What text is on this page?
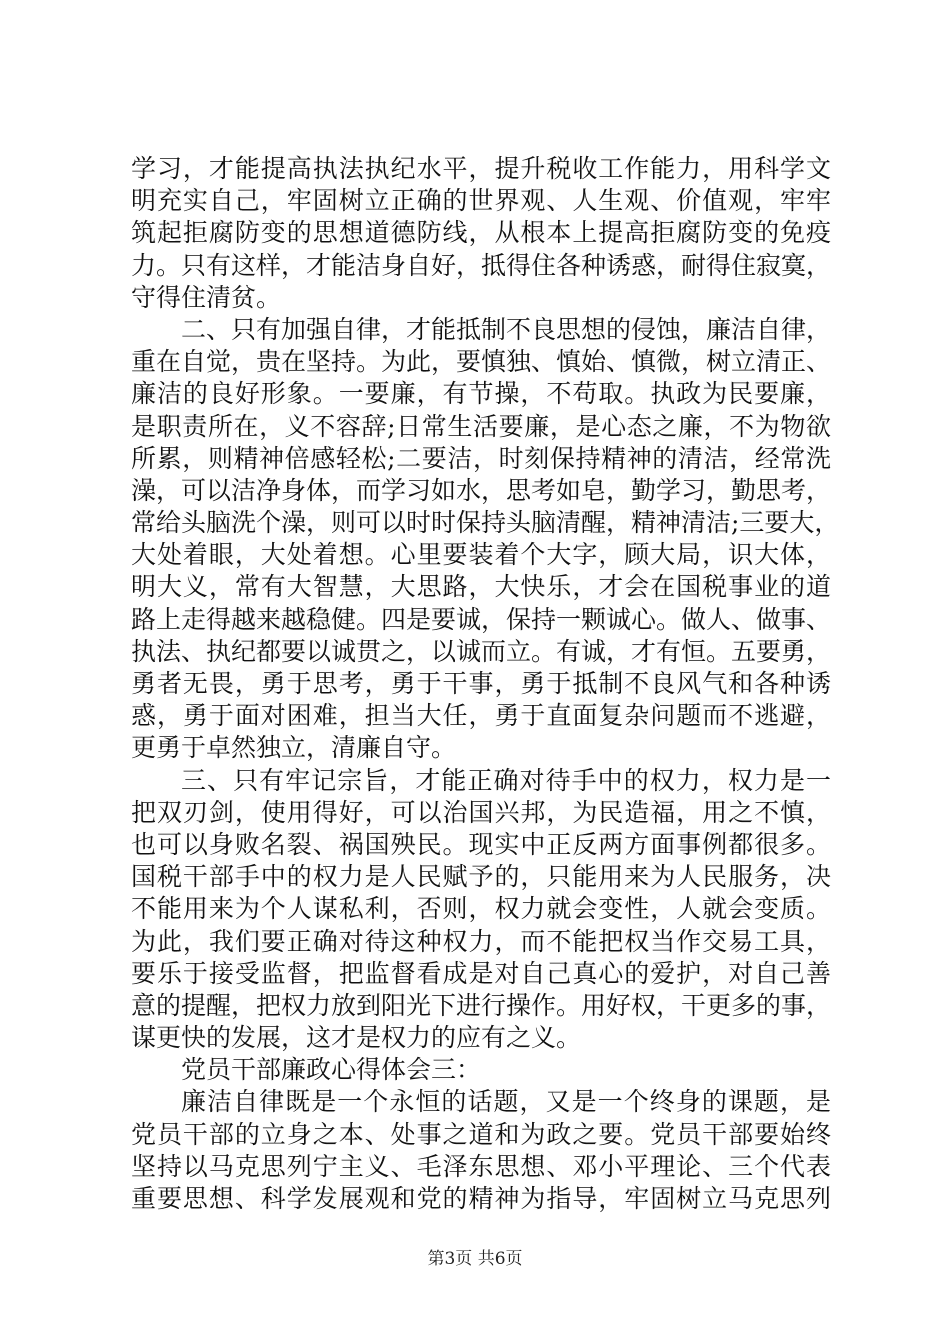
学习，才能提高执法执纪水平，提升税收工作能力，用科学文
明充实自己，牢固树立正确的世界观、人生观、价值观，牢牢
筑起拒腐防变的思想道德防线，从根本上提高拒腐防变的免疫
力。只有这样，才能洁身自好，抵得住各种诱惑，耐得住寂寞，
守得住清贫。
二、只有加强自律，才能抵制不良思想的侵蚀，廉洁自律，
重在自觉，贵在坚持。为此，要慎独、慎始、慎微，树立清正、
廉洁的良好形象。一要廉，有节操，不苟取。执政为民要廉，
是职责所在，义不容辞;日常生活要廉，是心态之廉，不为物欲
所累，则精神倍感轻松;二要洁，时刻保持精神的清洁，经常洗
澡，可以洁净身体，而学习如水，思考如皂，勤学习，勤思考，
常给头脑洗个澡，则可以时时保持头脑清醒，精神清洁;三要大，
大处着眼，大处着想。心里要装着个大字，顾大局，识大体，
明大义，常有大智慧，大思路，大快乐，才会在国税事业的道
路上走得越来越稳健。四是要诚，保持一颗诚心。做人、做事、
执法、执纪都要以诚贯之，以诚而立。有诚，才有恒。五要勇，
勇者无畏，勇于思考，勇于干事，勇于抵制不良风气和各种诱
惑，勇于面对困难，担当大任，勇于直面复杂问题而不逃避，
更勇于卓然独立，清廉自守。
三、只有牢记宗旨，才能正确对待手中的权力，权力是一
把双刃剑，使用得好，可以治国兴邦，为民造福，用之不慎，
也可以身败名裂、祸国殃民。现实中正反两方面事例都很多。
国税干部手中的权力是人民赋予的，只能用来为人民服务，决
不能用来为个人谋私利，否则，权力就会变性，人就会变质。
为此，我们要正确对待这种权力，而不能把权当作交易工具，
要乐于接受监督，把监督看成是对自己真心的爱护，对自己善
意的提醒，把权力放到阳光下进行操作。用好权，干更多的事，
谋更快的发展，这才是权力的应有之义。
党员干部廉政心得体会三：
廉洁自律既是一个永恒的话题，又是一个终身的课题，是
党员干部的立身之本、处事之道和为政之要。党员干部要始终
坚持以马克思列宁主义、毛泽东思想、邓小平理论、三个代表
重要思想、科学发展观和党的精神为指导，牢固树立马克思列
第3页 共6页
